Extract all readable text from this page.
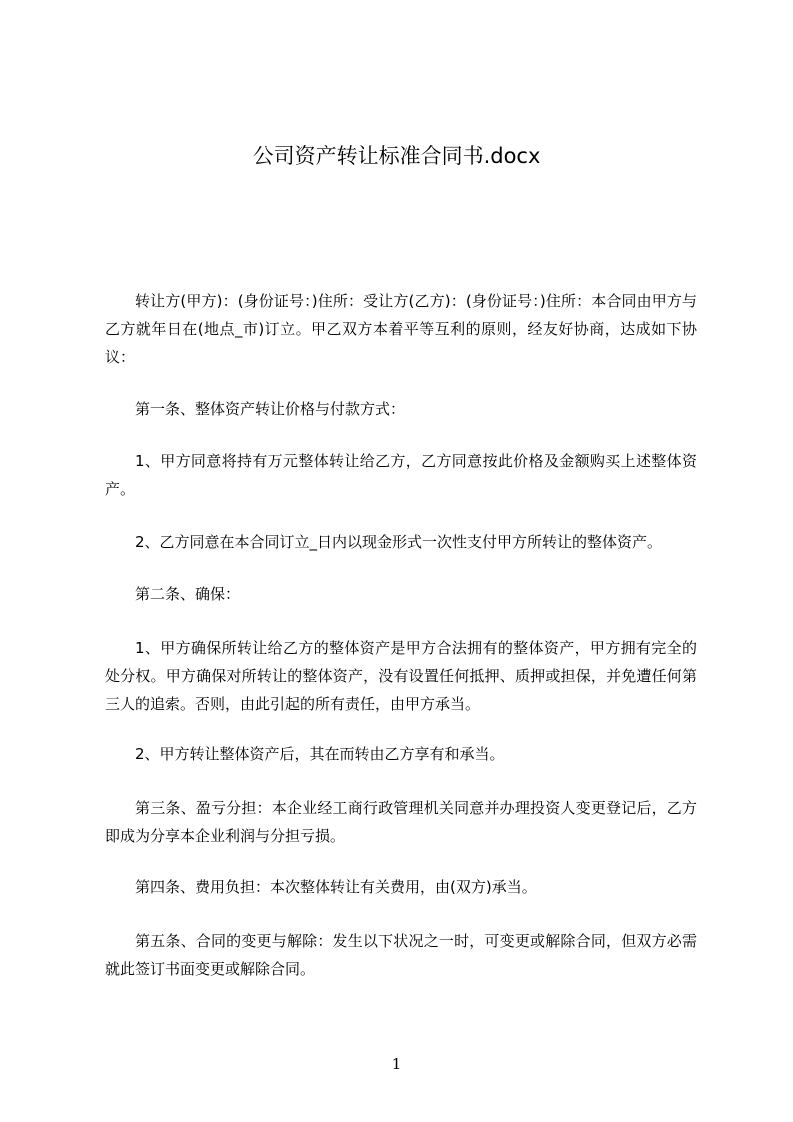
公司资产转让标准合同书.docx

转让方(甲方)：(身份证号：)住所：受让方(乙方)：(身份证号：)住所：本合同由甲方与乙方就年日在(地点_市)订立。甲乙双方本着平等互利的原则，经友好协商，达成如下协议：

第一条、整体资产转让价格与付款方式：

1、甲方同意将持有万元整体转让给乙方，乙方同意按此价格及金额购买上述整体资产。

2、乙方同意在本合同订立_日内以现金形式一次性支付甲方所转让的整体资产。

第二条、确保：

1、甲方确保所转让给乙方的整体资产是甲方合法拥有的整体资产，甲方拥有完全的处分权。甲方确保对所转让的整体资产，没有设置任何抵押、质押或担保，并免遭任何第三人的追索。否则，由此引起的所有责任，由甲方承当。

2、甲方转让整体资产后，其在而转由乙方享有和承当。

第三条、盈亏分担：本企业经工商行政管理机关同意并办理投资人变更登记后，乙方即成为分享本企业利润与分担亏损。

第四条、费用负担：本次整体转让有关费用，由(双方)承当。

第五条、合同的变更与解除：发生以下状况之一时，可变更或解除合同，但双方必需就此签订书面变更或解除合同。

1
